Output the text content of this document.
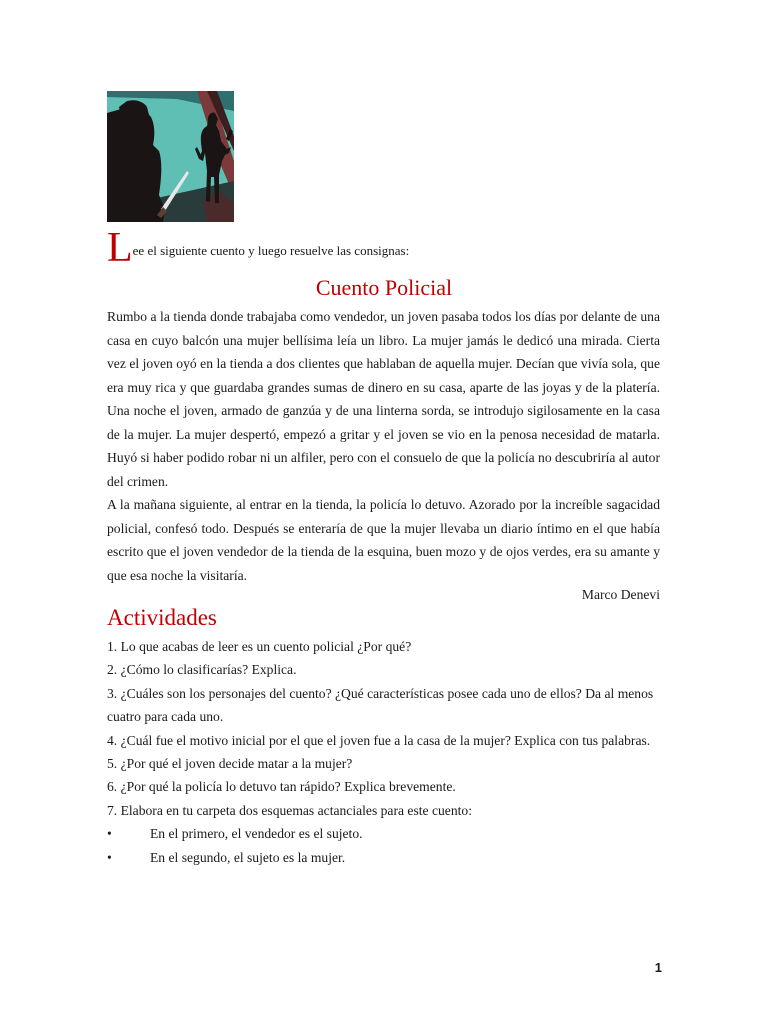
Lee el siguiente cuento y luego resuelve las consignas:
Cuento Policial

Rumbo a la tienda donde trabajaba como vendedor, un joven pasaba todos los días por delante de una casa en cuyo balcón una mujer bellísima leía un libro. La mujer jamás le dedicó una mirada. Cierta vez el joven oyó en la tienda a dos clientes que hablaban de aquella mujer. Decían que vivía sola, que era muy rica y que guardaba grandes sumas de dinero en su casa, aparte de las joyas y de la platería. Una noche el joven, armado de ganzúa y de una linterna sorda, se introdujo sigilosamente en la casa de la mujer. La mujer despertó, empezó a gritar y el joven se vio en la penosa necesidad de matarla. Huyó si haber podido robar ni un alfiler, pero con el consuelo de que la policía no descubriría al autor del crimen.

A la mañana siguiente, al entrar en la tienda, la policía lo detuvo. Azorado por la increíble sagacidad policial, confesó todo. Después se enteraría de que la mujer llevaba un diario íntimo en el que había escrito que el joven vendedor de la tienda de la esquina, buen mozo y de ojos verdes, era su amante y que esa noche la visitaría.

Marco Denevi
Actividades

1. Lo que acabas de leer es un cuento policial ¿Por qué?

2. ¿Cómo lo clasificarías? Explica.

3. ¿Cuáles son los personajes del cuento? ¿Qué características posee cada uno de ellos? Da al menos cuatro para cada uno.

4. ¿Cuál fue el motivo inicial por el que el joven fue a la casa de la mujer? Explica con tus palabras.

5. ¿Por qué el joven decide matar a la mujer?

6. ¿Por qué la policía lo detuvo tan rápido? Explica brevemente.

7. Elabora en tu carpeta dos esquemas actanciales para este cuento:

•	En el primero, el vendedor es el sujeto.
•	En el segundo, el sujeto es la mujer.
1
